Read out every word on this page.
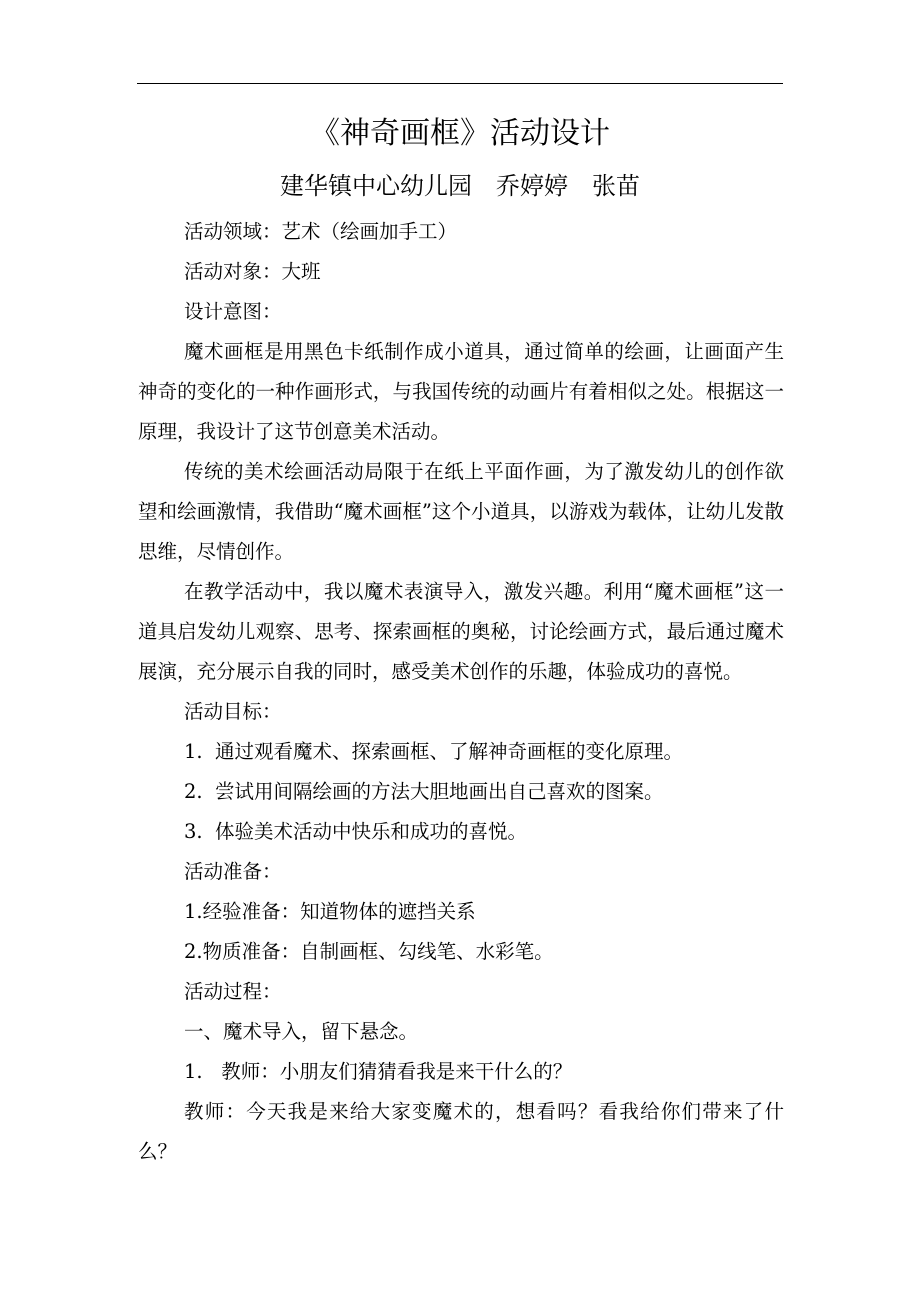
《神奇画框》活动设计
建华镇中心幼儿园　乔婷婷　张苗

活动领域：艺术（绘画加手工）

活动对象：大班

设计意图：

魔术画框是用黑色卡纸制作成小道具，通过简单的绘画，让画面产生神奇的变化的一种作画形式，与我国传统的动画片有着相似之处。根据这一原理，我设计了这节创意美术活动。

传统的美术绘画活动局限于在纸上平面作画，为了激发幼儿的创作欲望和绘画激情，我借助“魔术画框”这个小道具，以游戏为载体，让幼儿发散思维，尽情创作。

在教学活动中，我以魔术表演导入，激发兴趣。利用“魔术画框”这一道具启发幼儿观察、思考、探索画框的奥秘，讨论绘画方式，最后通过魔术展演，充分展示自我的同时，感受美术创作的乐趣，体验成功的喜悦。

活动目标：

1.  通过观看魔术、探索画框、了解神奇画框的变化原理。

2.  尝试用间隔绘画的方法大胆地画出自己喜欢的图案。

3.  体验美术活动中快乐和成功的喜悦。

活动准备：

1.经验准备：知道物体的遮挡关系

2.物质准备：自制画框、勾线笔、水彩笔。

活动过程：

一、魔术导入，留下悬念。

1.   教师：小朋友们猜猜看我是来干什么的？

教师：今天我是来给大家变魔术的，想看吗？看我给你们带来了什么？
